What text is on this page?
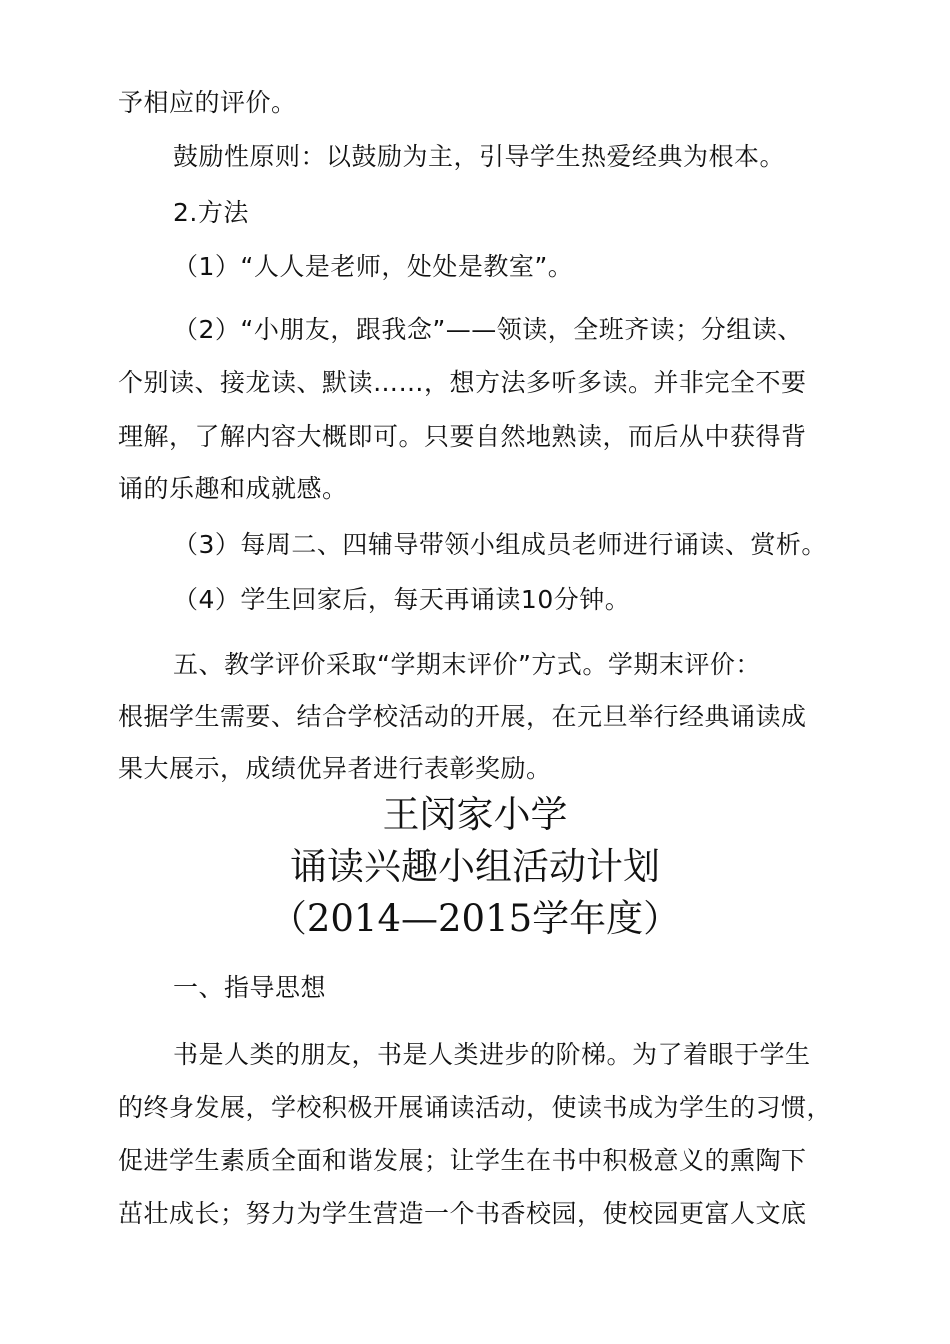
予相应的评价。
鼓励性原则：以鼓励为主，引导学生热爱经典为根本。
2.方法
（1）“人人是老师，处处是教室”。
（2）“小朋友，跟我念”——领读，全班齐读；分组读、
个别读、接龙读、默读……，想方法多听多读。并非完全不要
理解，了解内容大概即可。只要自然地熟读，而后从中获得背
诵的乐趣和成就感。
（3）每周二、四辅导带领小组成员老师进行诵读、赏析。
（4）学生回家后，每天再诵读10分钟。
五、教学评价采取“学期末评价”方式。学期末评价：
根据学生需要、结合学校活动的开展，在元旦举行经典诵读成
果大展示，成绩优异者进行表彰奖励。
王闵家小学
诵读兴趣小组活动计划
（2014—2015学年度）
一、指导思想
书是人类的朋友，书是人类进步的阶梯。为了着眼于学生
的终身发展，学校积极开展诵读活动，使读书成为学生的习惯，
促进学生素质全面和谐发展；让学生在书中积极意义的熏陶下
茁壮成长；努力为学生营造一个书香校园，使校园更富人文底
